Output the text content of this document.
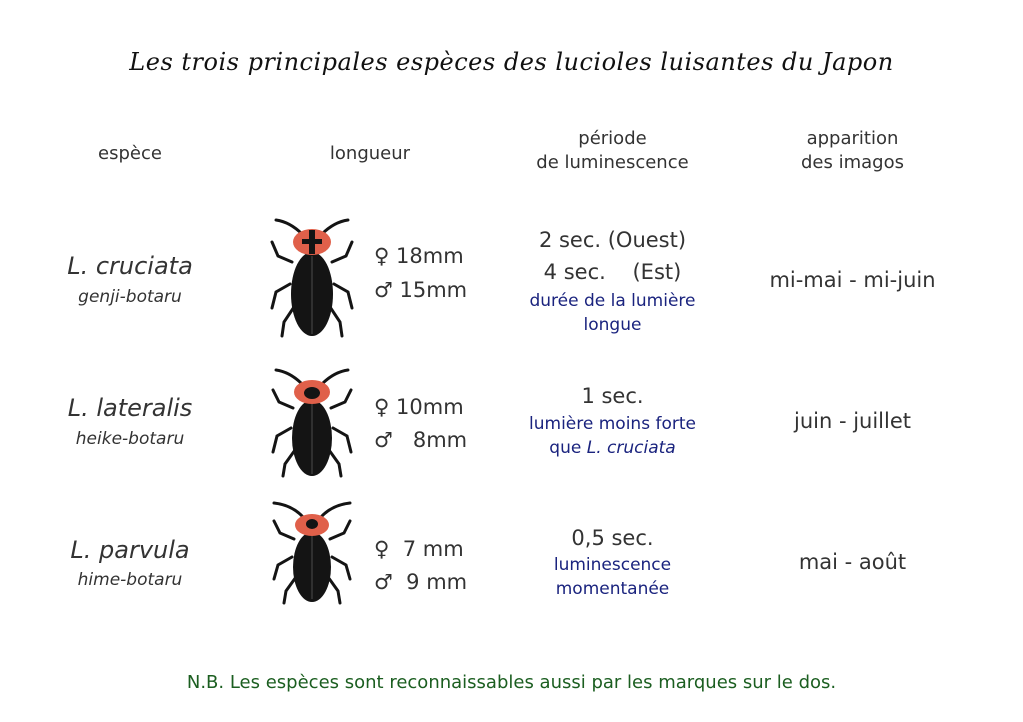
Les trois principales espèces des lucioles luisantes du Japon
espèce	longueur
période
de luminescence
apparition
des imagos
L. cruciata
genji-botaru
♀ 18mm
♂ 15mm
2 sec. (Ouest)
4 sec.    (Est)
durée de la lumière
longue
mi-mai - mi-juin
L. lateralis
heike-botaru
♀ 10mm
♂   8mm
1 sec.
lumière moins forte
que L. cruciata
juin - juillet
L. parvula
hime-botaru
♀  7 mm
♂  9 mm
0,5 sec.
luminescence
momentanée
mai - août
N.B. Les espèces sont reconnaissables aussi par les marques sur le dos.
